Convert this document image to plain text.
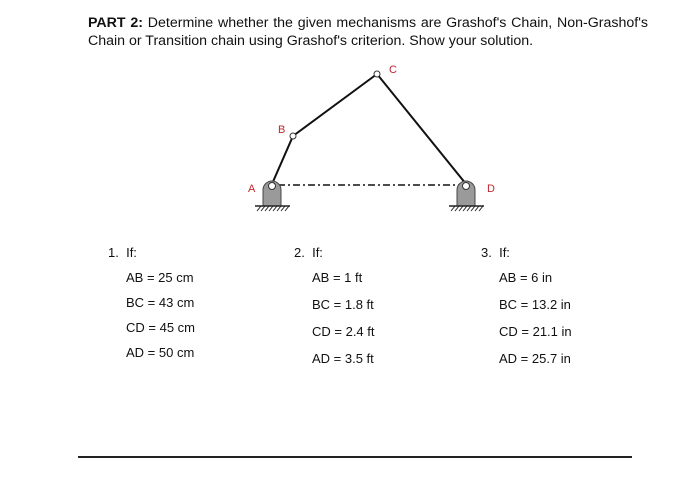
PART 2: Determine whether the given mechanisms are Grashof's Chain, Non-Grashof's Chain or Transition chain using Grashof's criterion. Show your solution.
A
B
C
D
1. If:
AB = 25 cm
BC = 43 cm
CD = 45 cm
AD = 50 cm
2. If:
AB = 1 ft
BC = 1.8 ft
CD = 2.4 ft
AD = 3.5 ft
3. If:
AB = 6 in
BC = 13.2 in
CD = 21.1 in
AD = 25.7 in
